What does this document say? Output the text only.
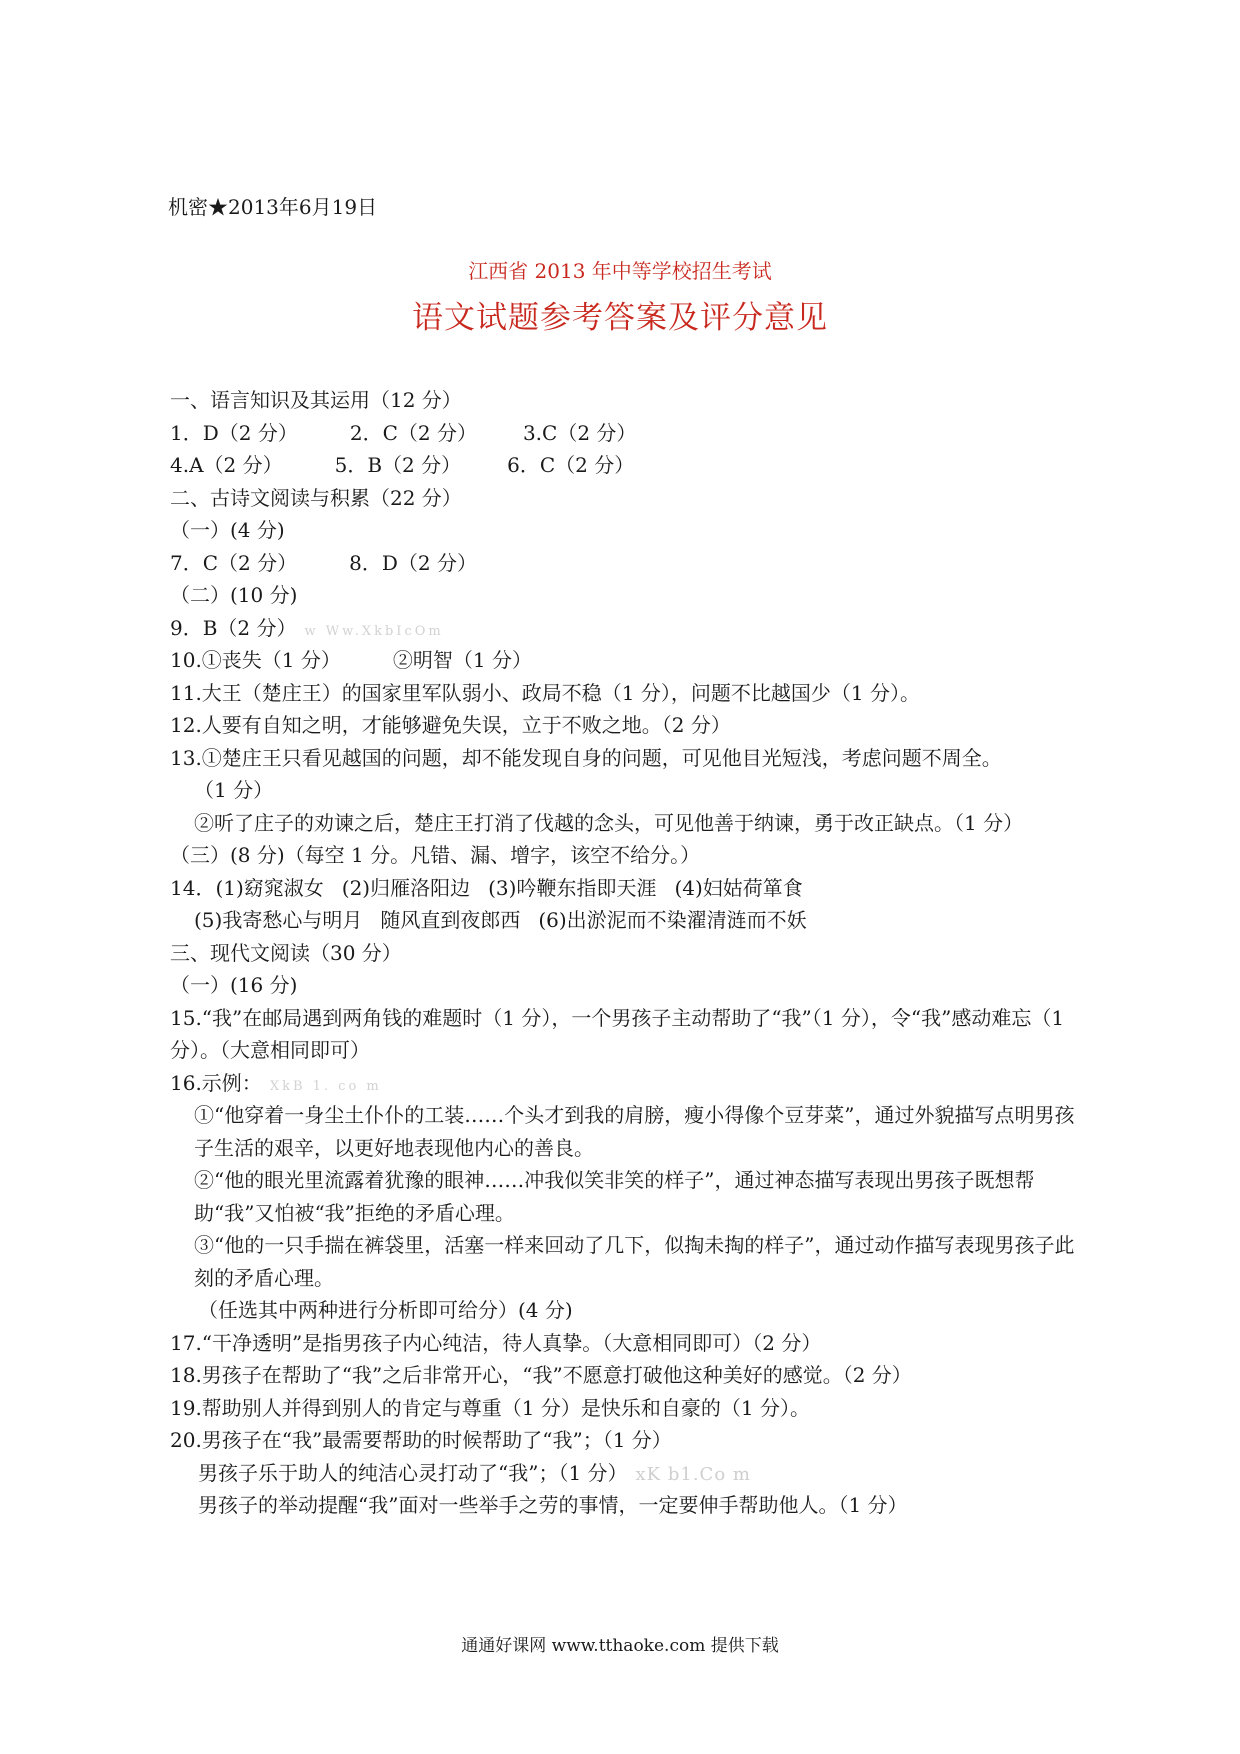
机密★2013年6月19日
江西省 2013 年中等学校招生考试
语文试题参考答案及评分意见
一、语言知识及其运用（12 分）
1．D（2 分）	2．C（2 分） 3.C（2 分）
4.A（2 分）	5．B（2 分） 6．C（2 分）
二、古诗文阅读与积累（22 分）
（一）(4 分)
7．C（2 分）	8．D（2 分）
（二）(10 分)
9．B（2 分） w Ww.XkbIcOm
10.①丧失（1 分）	②明智（1 分）
11.大王（楚庄王）的国家里军队弱小、政局不稳（1 分），问题不比越国少（1 分）。
12.人要有自知之明，才能够避免失误，立于不败之地。（2 分）
13.①楚庄王只看见越国的问题，却不能发现自身的问题，可见他目光短浅，考虑问题不周全。
（1 分）
②听了庄子的劝谏之后，楚庄王打消了伐越的念头，可见他善于纳谏，勇于改正缺点。（1 分）
（三）(8 分)（每空 1 分。凡错、漏、增字，该空不给分。）
14．(1)窈窕淑女 (2)归雁洛阳边 (3)吟鞭东指即天涯 (4)妇姑荷箪食
(5)我寄愁心与明月 随风直到夜郎西 (6)出淤泥而不染濯清涟而不妖
三、现代文阅读（30 分）
（一）(16 分)
15.“我”在邮局遇到两角钱的难题时（1 分），一个男孩子主动帮助了“我”（1 分），令“我”感动难忘（1 分）。（大意相同即可）
16.示例： XkB 1. co m
①“他穿着一身尘土仆仆的工装……个头才到我的肩膀，瘦小得像个豆芽菜”，通过外貌描写点明男孩子生活的艰辛，以更好地表现他内心的善良。
②“他的眼光里流露着犹豫的眼神……冲我似笑非笑的样子”，通过神态描写表现出男孩子既想帮助“我”又怕被“我”拒绝的矛盾心理。
③“他的一只手揣在裤袋里，活塞一样来回动了几下，似掏未掏的样子”，通过动作描写表现男孩子此刻的矛盾心理。
（任选其中两种进行分析即可给分）(4 分)
17.“干净透明”是指男孩子内心纯洁，待人真挚。（大意相同即可）（2 分）
18.男孩子在帮助了“我”之后非常开心，“我”不愿意打破他这种美好的感觉。（2 分）
19.帮助别人并得到别人的肯定与尊重（1 分）是快乐和自豪的（1 分）。
20.男孩子在“我”最需要帮助的时候帮助了“我”；（1 分）
男孩子乐于助人的纯洁心灵打动了“我”；（1 分） xK b1.Co m
男孩子的举动提醒“我”面对一些举手之劳的事情，一定要伸手帮助他人。（1 分）
通通好课网 www.tthaoke.com 提供下载
